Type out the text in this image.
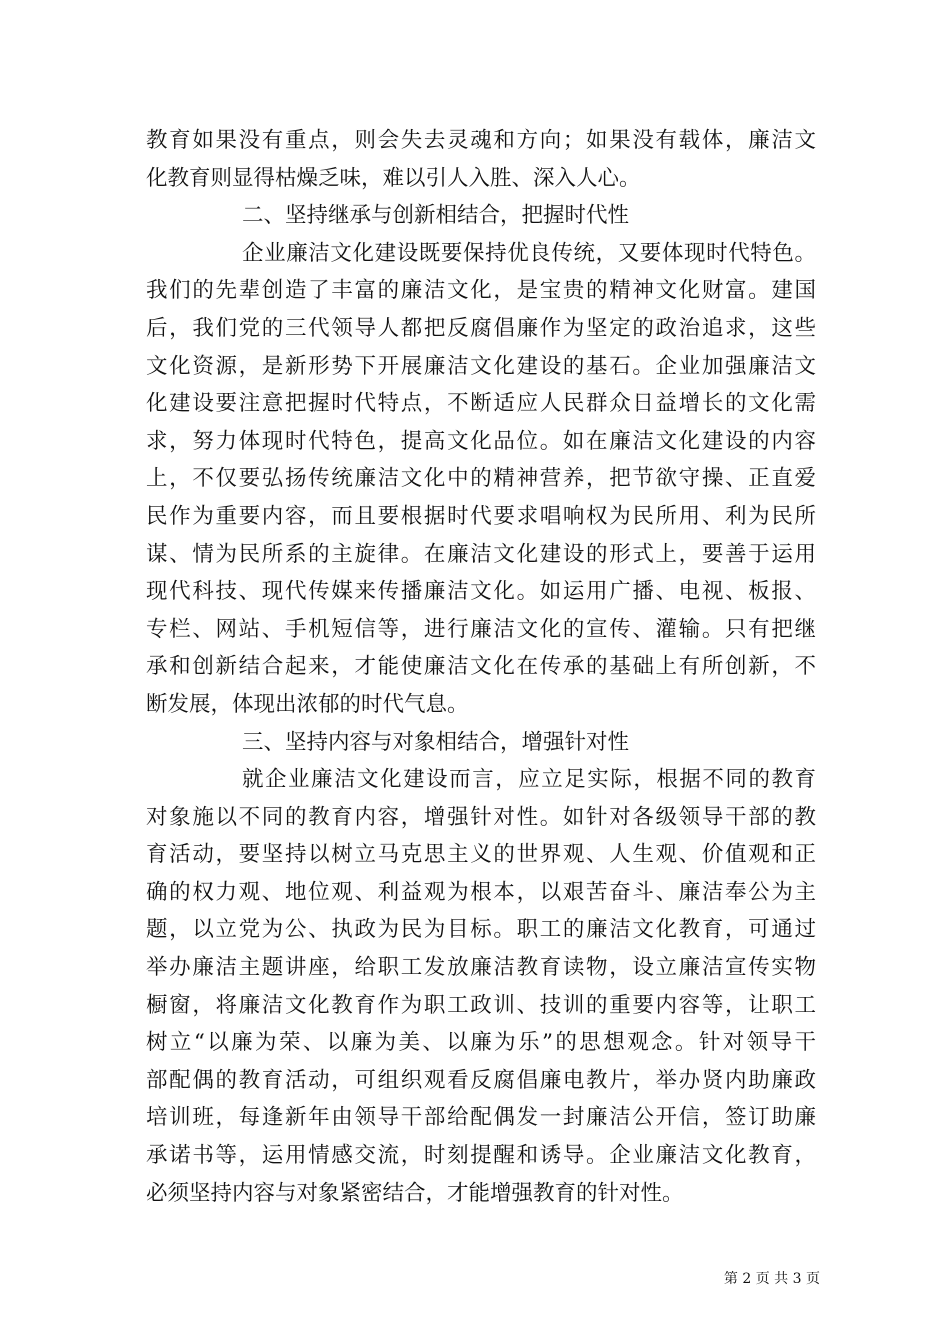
教育如果没有重点，则会失去灵魂和方向；如果没有载体，廉洁文
化教育则显得枯燥乏味，难以引人入胜、深入人心。
二、坚持继承与创新相结合，把握时代性
企业廉洁文化建设既要保持优良传统，又要体现时代特色。
我们的先辈创造了丰富的廉洁文化，是宝贵的精神文化财富。建国
后，我们党的三代领导人都把反腐倡廉作为坚定的政治追求，这些
文化资源，是新形势下开展廉洁文化建设的基石。企业加强廉洁文
化建设要注意把握时代特点，不断适应人民群众日益增长的文化需
求，努力体现时代特色，提高文化品位。如在廉洁文化建设的内容
上，不仅要弘扬传统廉洁文化中的精神营养，把节欲守操、正直爱
民作为重要内容，而且要根据时代要求唱响权为民所用、利为民所
谋、情为民所系的主旋律。在廉洁文化建设的形式上，要善于运用
现代科技、现代传媒来传播廉洁文化。如运用广播、电视、板报、
专栏、网站、手机短信等，进行廉洁文化的宣传、灌输。只有把继
承和创新结合起来，才能使廉洁文化在传承的基础上有所创新，不
断发展，体现出浓郁的时代气息。
三、坚持内容与对象相结合，增强针对性
就企业廉洁文化建设而言，应立足实际，根据不同的教育
对象施以不同的教育内容，增强针对性。如针对各级领导干部的教
育活动，要坚持以树立马克思主义的世界观、人生观、价值观和正
确的权力观、地位观、利益观为根本，以艰苦奋斗、廉洁奉公为主
题，以立党为公、执政为民为目标。职工的廉洁文化教育，可通过
举办廉洁主题讲座，给职工发放廉洁教育读物，设立廉洁宣传实物
橱窗，将廉洁文化教育作为职工政训、技训的重要内容等，让职工
树立“以廉为荣、以廉为美、以廉为乐”的思想观念。针对领导干
部配偶的教育活动，可组织观看反腐倡廉电教片，举办贤内助廉政
培训班，每逢新年由领导干部给配偶发一封廉洁公开信，签订助廉
承诺书等，运用情感交流，时刻提醒和诱导。企业廉洁文化教育，
必须坚持内容与对象紧密结合，才能增强教育的针对性。
第 2 页 共 3 页
